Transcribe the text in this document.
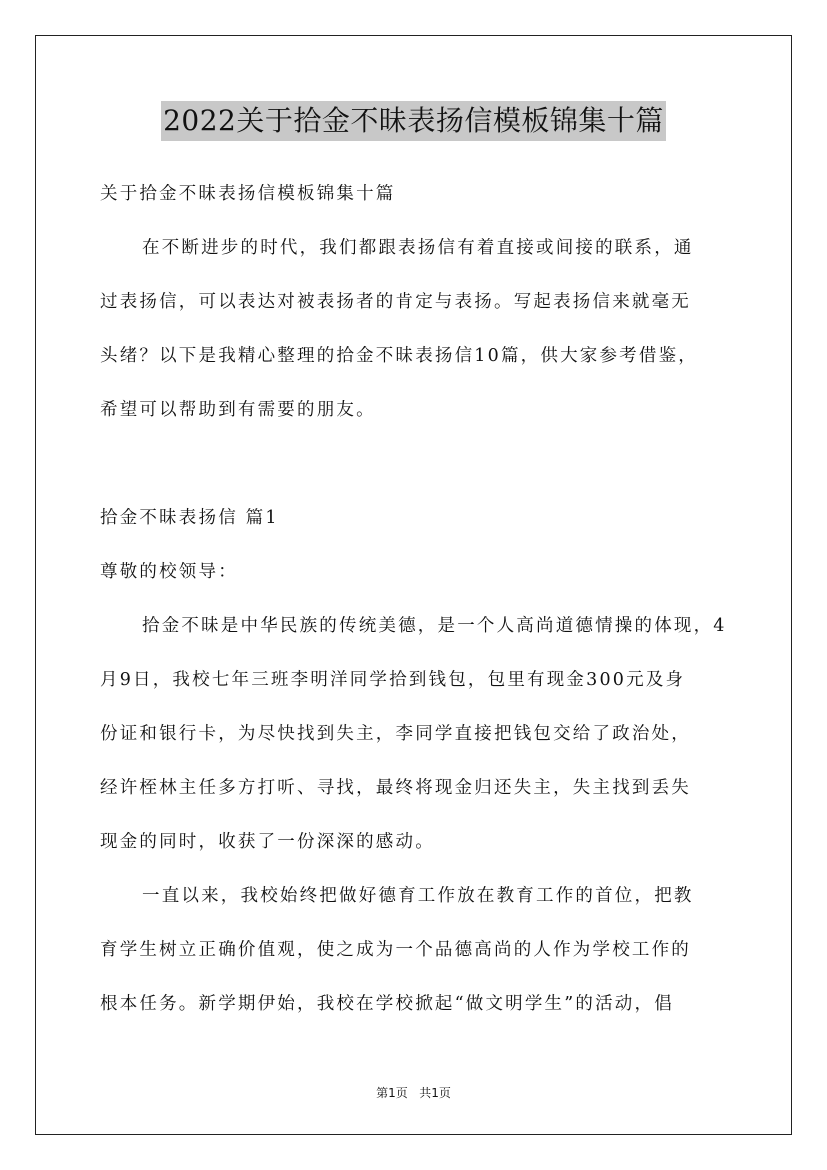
2022关于拾金不昧表扬信模板锦集十篇
关于拾金不昧表扬信模板锦集十篇
在不断进步的时代，我们都跟表扬信有着直接或间接的联系，通
过表扬信，可以表达对被表扬者的肯定与表扬。写起表扬信来就毫无
头绪？以下是我精心整理的拾金不昧表扬信10篇，供大家参考借鉴，
希望可以帮助到有需要的朋友。
拾金不昧表扬信 篇1
尊敬的校领导：
拾金不昧是中华民族的传统美德，是一个人高尚道德情操的体现，4
月9日，我校七年三班李明洋同学拾到钱包，包里有现金300元及身
份证和银行卡，为尽快找到失主，李同学直接把钱包交给了政治处，
经许桎林主任多方打听、寻找，最终将现金归还失主，失主找到丢失
现金的同时，收获了一份深深的感动。
一直以来，我校始终把做好德育工作放在教育工作的首位，把教
育学生树立正确价值观，使之成为一个品德高尚的人作为学校工作的
根本任务。新学期伊始，我校在学校掀起“做文明学生”的活动，倡
第1页 共1页
